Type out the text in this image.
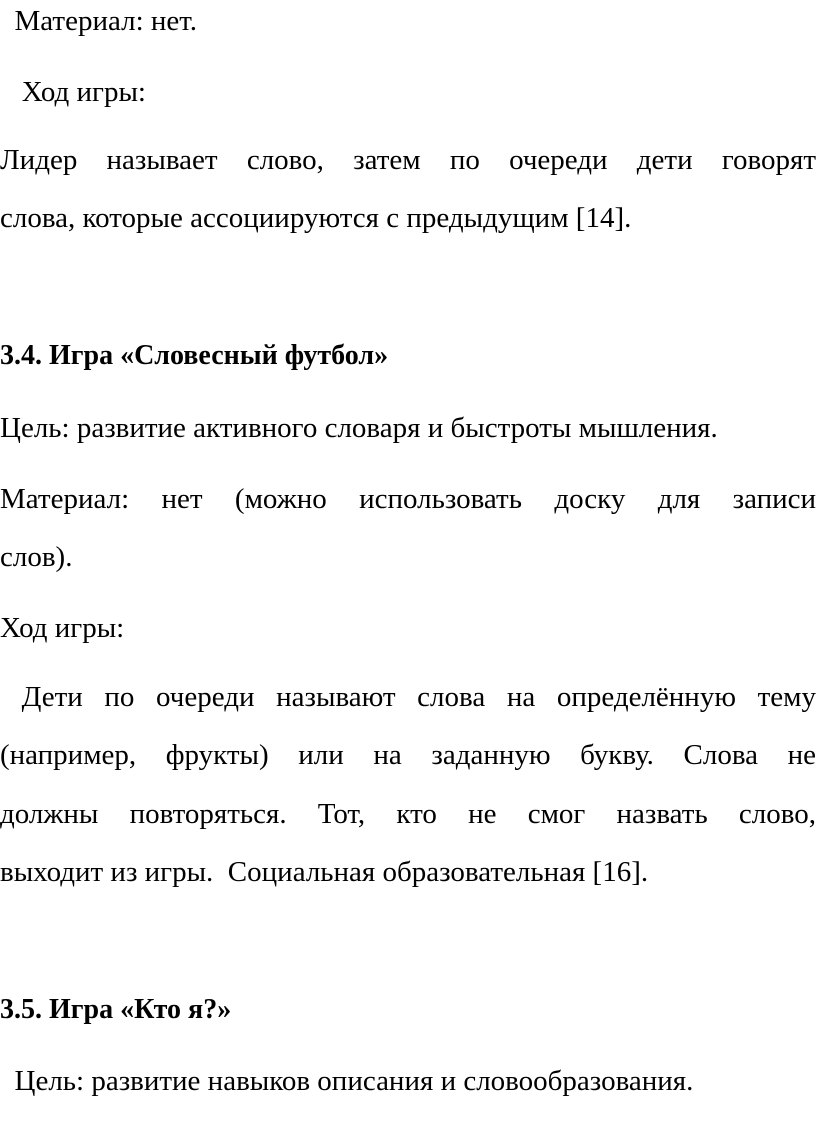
Материал: нет.

Ход игры:

Лидер называет слово, затем по очереди дети говорят

слова, которые ассоциируются с предыдущим [14].

3.4. Игра «Словесный футбол»

Цель: развитие активного словаря и быстроты мышления.

Материал: нет (можно использовать доску для записи

слов).

Ход игры:

Дети по очереди называют слова на определённую тему

(например, фрукты) или на заданную букву. Слова не

должны повторяться. Тот, кто не смог назвать слово,

выходит из игры.  Социальная образовательная [16].

3.5. Игра «Кто я?»

Цель: развитие навыков описания и словообразования.
